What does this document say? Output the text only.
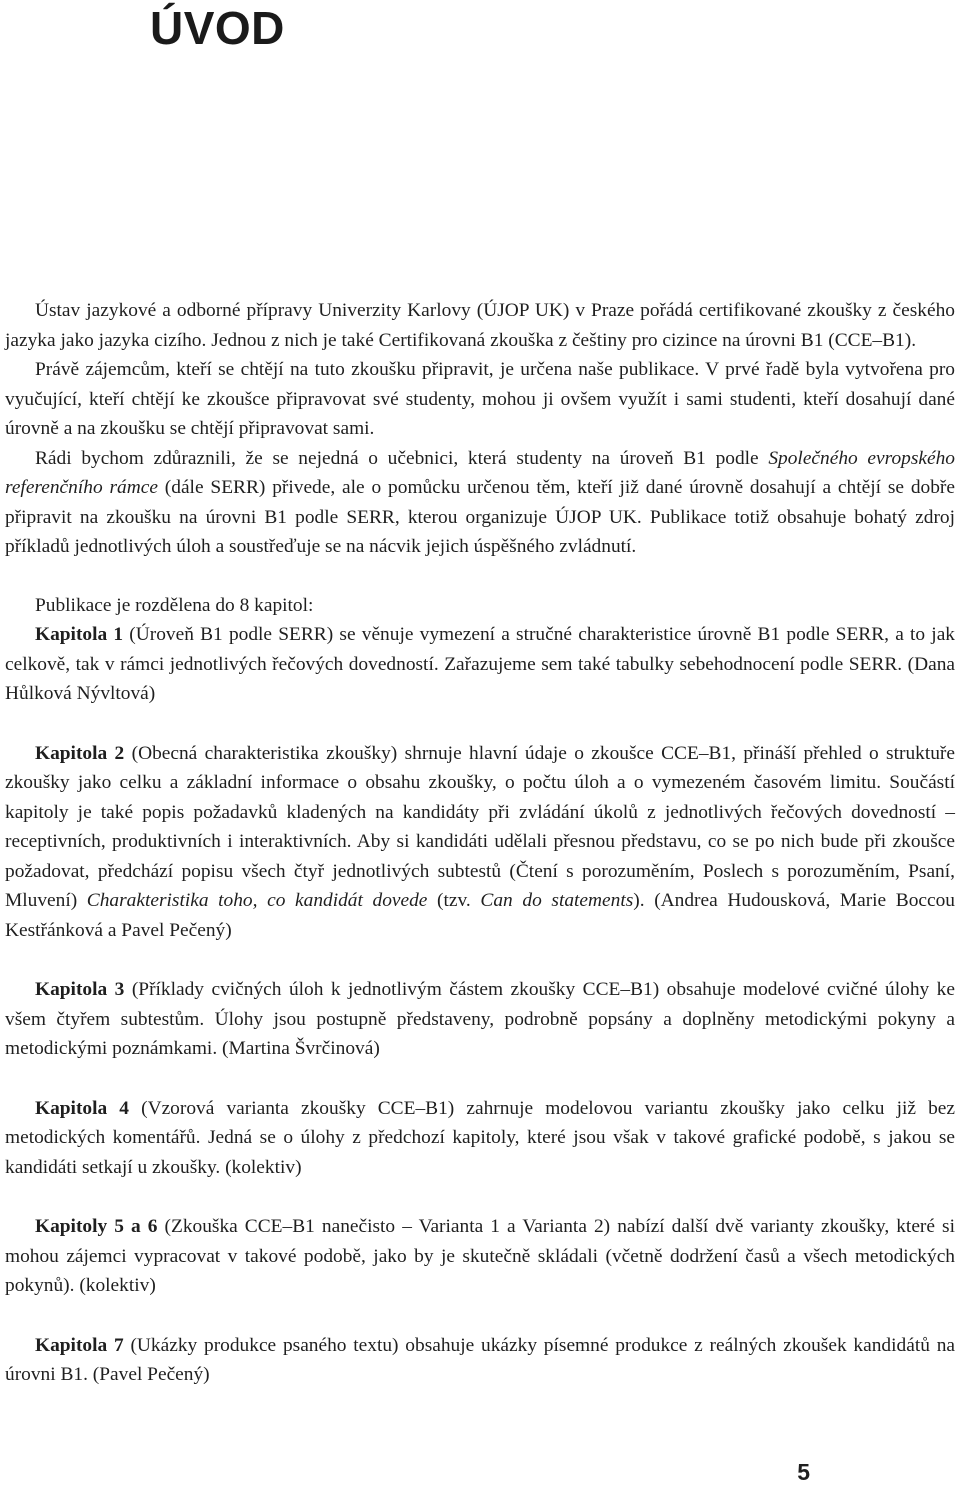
ÚVOD

Ústav jazykové a odborné přípravy Univerzity Karlovy (ÚJOP UK) v Praze pořádá certifikované zkoušky z českého jazyka jako jazyka cizího. Jednou z nich je také Certifikovaná zkouška z češtiny pro cizince na úrovni B1 (CCE–B1).

Právě zájemcům, kteří se chtějí na tuto zkoušku připravit, je určena naše publikace. V prvé řadě byla vytvořena pro vyučující, kteří chtějí ke zkoušce připravovat své studenty, mohou ji ovšem využít i sami studenti, kteří dosahují dané úrovně a na zkoušku se chtějí připravovat sami.

Rádi bychom zdůraznili, že se nejedná o učebnici, která studenty na úroveň B1 podle Společného evropského referenčního rámce (dále SERR) přivede, ale o pomůcku určenou těm, kteří již dané úrovně dosahují a chtějí se dobře připravit na zkoušku na úrovni B1 podle SERR, kterou organizuje ÚJOP UK. Publikace totiž obsahuje bohatý zdroj příkladů jednotlivých úloh a soustřeďuje se na nácvik jejich úspěšného zvládnutí.

Publikace je rozdělena do 8 kapitol:

Kapitola 1 (Úroveň B1 podle SERR) se věnuje vymezení a stručné charakteristice úrovně B1 podle SERR, a to jak celkově, tak v rámci jednotlivých řečových dovedností. Zařazujeme sem také tabulky sebehodnocení podle SERR. (Dana Hůlková Nývltová)

Kapitola 2 (Obecná charakteristika zkoušky) shrnuje hlavní údaje o zkoušce CCE–B1, přináší přehled o struktuře zkoušky jako celku a základní informace o obsahu zkoušky, o počtu úloh a o vymezeném časovém limitu. Součástí kapitoly je také popis požadavků kladených na kandidáty při zvládání úkolů z jednotlivých řečových dovedností – receptivních, produktivních i interaktivních. Aby si kandidáti udělali přesnou představu, co se po nich bude při zkoušce požadovat, předchází popisu všech čtyř jednotlivých subtestů (Čtení s porozuměním, Poslech s porozuměním, Psaní, Mluvení) Charakteristika toho, co kandidát dovede (tzv. Can do statements). (Andrea Hudousková, Marie Boccou Kestřánková a Pavel Pečený)

Kapitola 3 (Příklady cvičných úloh k jednotlivým částem zkoušky CCE–B1) obsahuje modelové cvičné úlohy ke všem čtyřem subtestům. Úlohy jsou postupně představeny, podrobně popsány a doplněny metodickými pokyny a metodickými poznámkami. (Martina Švrčinová)

Kapitola 4 (Vzorová varianta zkoušky CCE–B1) zahrnuje modelovou variantu zkoušky jako celku již bez metodických komentářů. Jedná se o úlohy z předchozí kapitoly, které jsou však v takové grafické podobě, s jakou se kandidáti setkají u zkoušky. (kolektiv)

Kapitoly 5 a 6 (Zkouška CCE–B1 nanečisto – Varianta 1 a Varianta 2) nabízí další dvě varianty zkoušky, které si mohou zájemci vypracovat v takové podobě, jako by je skutečně skládali (včetně dodržení časů a všech metodických pokynů). (kolektiv)

Kapitola 7 (Ukázky produkce psaného textu) obsahuje ukázky písemné produkce z reálných zkoušek kandidátů na úrovni B1. (Pavel Pečený)

5
